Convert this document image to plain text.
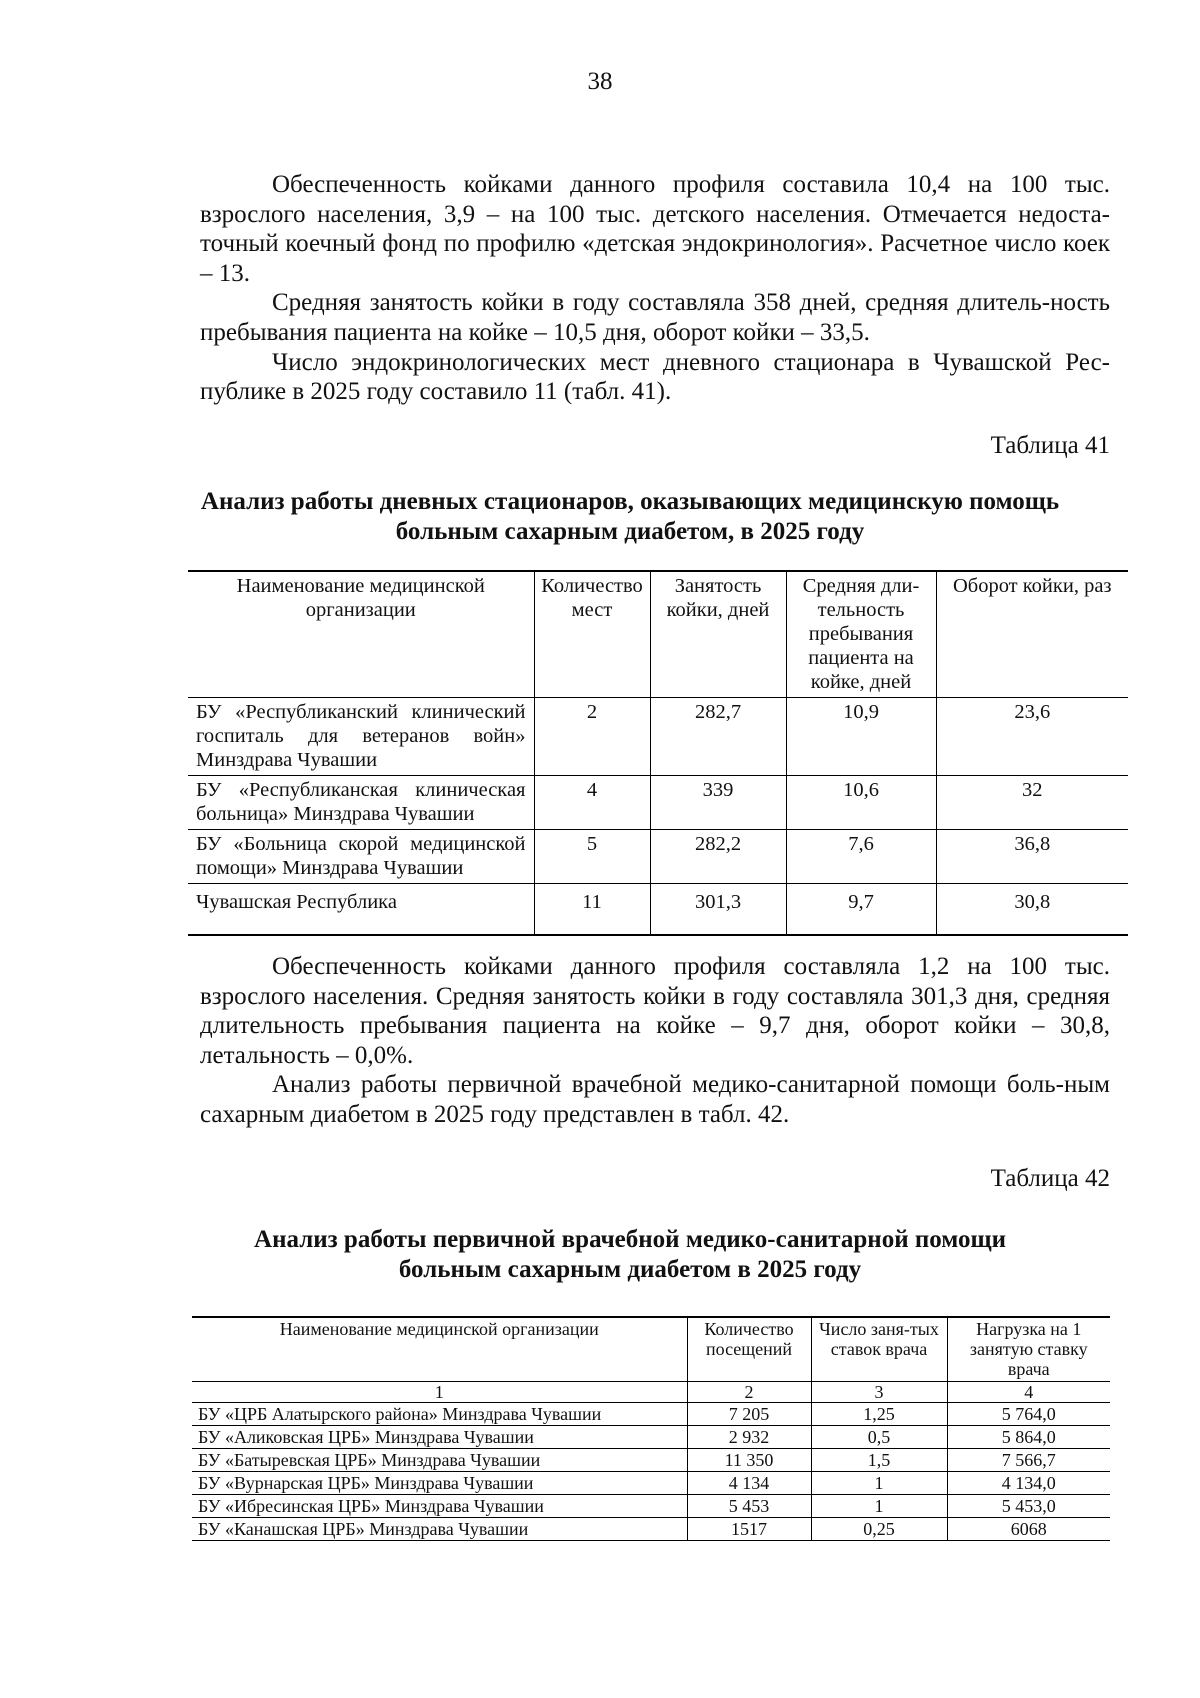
38

Обеспеченность койками данного профиля составила 10,4 на 100 тыс. взрослого населения, 3,9 – на 100 тыс. детского населения. Отмечается недоста-точный коечный фонд по профилю «детская эндокринология». Расчетное число коек – 13.

Средняя занятость койки в году составляла 358 дней, средняя длитель-ность пребывания пациента на койке – 10,5 дня, оборот койки – 33,5.

Число эндокринологических мест дневного стационара в Чувашской Рес-публике в 2025 году составило 11 (табл. 41).

Таблица 41
Анализ работы дневных стационаров, оказывающих медицинскую помощь
больным сахарным диабетом, в 2025 году
Наименование медицинской организации	Количество мест	Занятость койки, дней	Средняя дли-тельность пребывания пациента на койке, дней	Оборот койки, раз
БУ «Республиканский клинический госпиталь для ветеранов войн» Минздрава Чувашии	2	282,7	10,9	23,6
БУ «Республиканская клиническая больница» Минздрава Чувашии	4	339	10,6	32
БУ «Больница скорой медицинской помощи» Минздрава Чувашии	5	282,2	7,6	36,8
Чувашская Республика	11	301,3	9,7	30,8

Обеспеченность койками данного профиля составляла 1,2 на 100 тыс. взрослого населения. Средняя занятость койки в году составляла 301,3 дня, средняя длительность пребывания пациента на койке – 9,7 дня, оборот койки – 30,8, летальность – 0,0%.

Анализ работы первичной врачебной медико-санитарной помощи боль-ным сахарным диабетом в 2025 году представлен в табл. 42.

Таблица 42
Анализ работы первичной врачебной медико-санитарной помощи
больным сахарным диабетом в 2025 году
Наименование медицинской организации	Количество посещений	Число заня-тых ставок врача	Нагрузка на 1 занятую ставку врача
1	2	3	4
БУ «ЦРБ Алатырского района» Минздрава Чувашии	7 205	1,25	5 764,0
БУ «Аликовская ЦРБ» Минздрава Чувашии	2 932	0,5	5 864,0
БУ «Батыревская ЦРБ» Минздрава Чувашии	11 350	1,5	7 566,7
БУ «Вурнарская ЦРБ» Минздрава Чувашии	4 134	1	4 134,0
БУ «Ибресинская ЦРБ» Минздрава Чувашии	5 453	1	5 453,0
БУ «Канашская ЦРБ» Минздрава Чувашии	1517	0,25	6068
